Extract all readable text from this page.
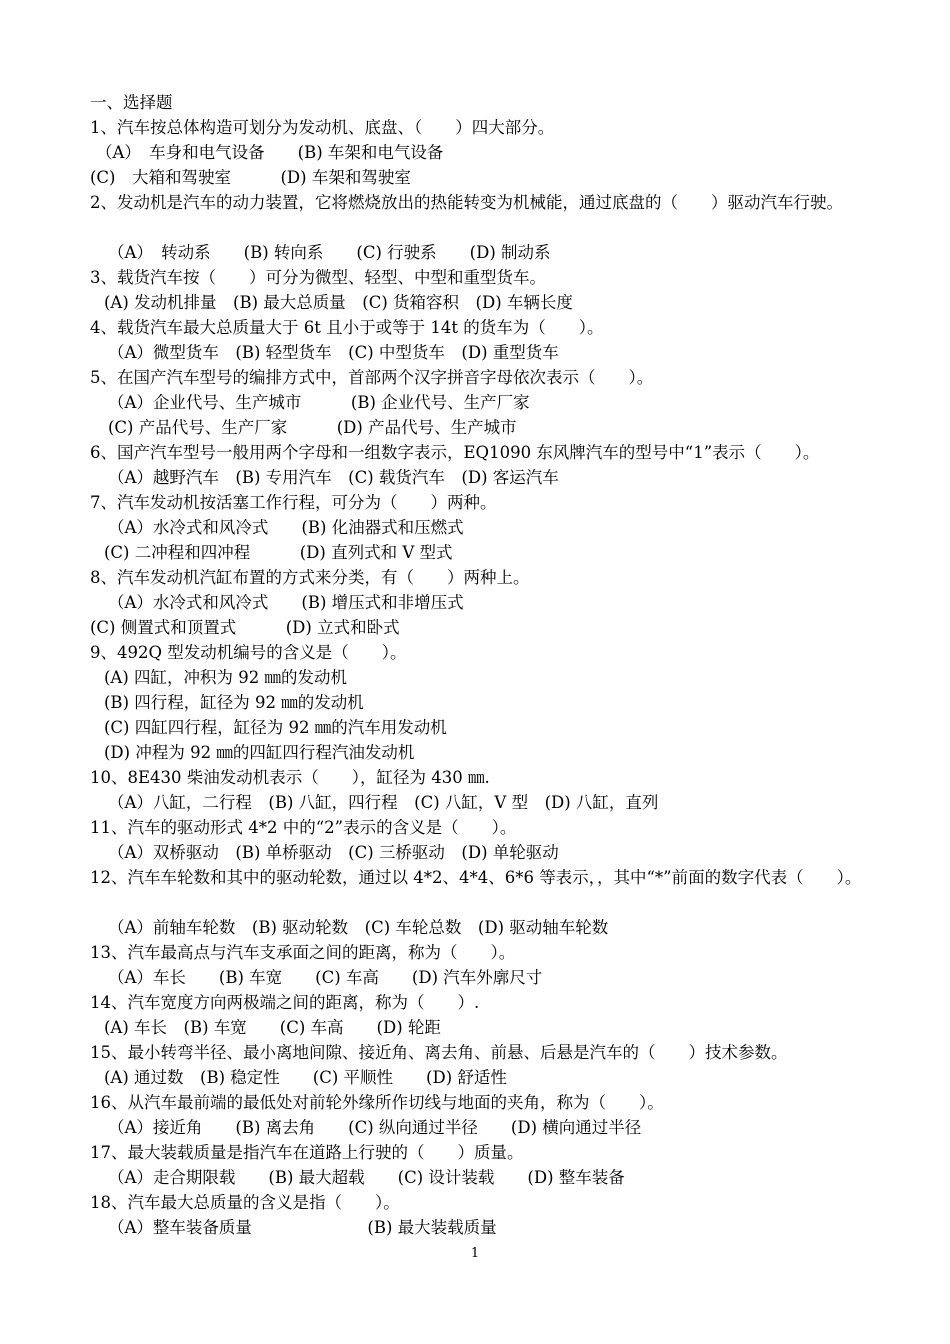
一、选择题
1、汽车按总体构造可划分为发动机、底盘、（　　）四大部分。
（A）　车身和电气设备　　(B) 车架和电气设备
(C)　大箱和驾驶室　　　(D) 车架和驾驶室
2、发动机是汽车的动力装置，它将燃烧放出的热能转变为机械能，通过底盘的（　　）驱动汽车行驶。
（A）　转动系　　(B) 转向系　　(C) 行驶系　　(D) 制动系
3、载货汽车按（　　）可分为微型、轻型、中型和重型货车。
(A) 发动机排量　(B) 最大总质量　(C) 货箱容积　(D) 车辆长度
4、载货汽车最大总质量大于 6t 且小于或等于 14t 的货车为（　　）。
（A）微型货车　(B) 轻型货车　(C) 中型货车　(D) 重型货车
5、在国产汽车型号的编排方式中，首部两个汉字拼音字母依次表示（　　）。
（A）企业代号、生产城市　　　(B) 企业代号、生产厂家
(C) 产品代号、生产厂家　　　(D) 产品代号、生产城市
6、国产汽车型号一般用两个字母和一组数字表示，EQ1090 东风牌汽车的型号中“1”表示（　　）。
（A）越野汽车　(B) 专用汽车　(C) 载货汽车　(D) 客运汽车
7、汽车发动机按活塞工作行程，可分为（　　）两种。
（A）水冷式和风冷式　　(B) 化油器式和压燃式
(C) 二冲程和四冲程　　　(D) 直列式和 V 型式
8、汽车发动机汽缸布置的方式来分类，有（　　）两种上。
（A）水冷式和风冷式　　(B) 增压式和非增压式
(C) 侧置式和顶置式　　　(D) 立式和卧式
9、492Q 型发动机编号的含义是（　　）。
(A) 四缸，冲积为 92 ㎜的发动机
(B) 四行程，缸径为 92 ㎜的发动机
(C) 四缸四行程，缸径为 92 ㎜的汽车用发动机
(D) 冲程为 92 ㎜的四缸四行程汽油发动机
10、8E430 柴油发动机表示（　　），缸径为 430 ㎜.
（A）八缸，二行程　(B) 八缸，四行程　(C) 八缸，V 型　(D) 八缸，直列
11、汽车的驱动形式 4*2 中的“2”表示的含义是（　　）。
（A）双桥驱动　(B) 单桥驱动　(C) 三桥驱动　(D) 单轮驱动
12、汽车车轮数和其中的驱动轮数，通过以 4*2、4*4、6*6 等表示，，其中“*”前面的数字代表（　　）。
（A）前轴车轮数　(B) 驱动轮数　(C) 车轮总数　(D) 驱动轴车轮数
13、汽车最高点与汽车支承面之间的距离，称为（　　）。
（A）车长　　(B) 车宽　　(C) 车高　　(D) 汽车外廓尺寸
14、汽车宽度方向两极端之间的距离，称为（　　）.
(A) 车长　(B) 车宽　　(C) 车高　　(D) 轮距
15、最小转弯半径、最小离地间隙、接近角、离去角、前悬、后悬是汽车的（　　）技术参数。
(A) 通过数　(B) 稳定性　　(C) 平顺性　　(D) 舒适性
16、从汽车最前端的最低处对前轮外缘所作切线与地面的夹角，称为（　　）。
（A）接近角　　(B) 离去角　　(C) 纵向通过半径　　(D) 横向通过半径
17、最大装载质量是指汽车在道路上行驶的（　　）质量。
（A）走合期限载　　(B) 最大超载　　(C) 设计装载　　(D) 整车装备
18、汽车最大总质量的含义是指（　　）。
（A）整车装备质量　　　　　　　(B) 最大装载质量
1
